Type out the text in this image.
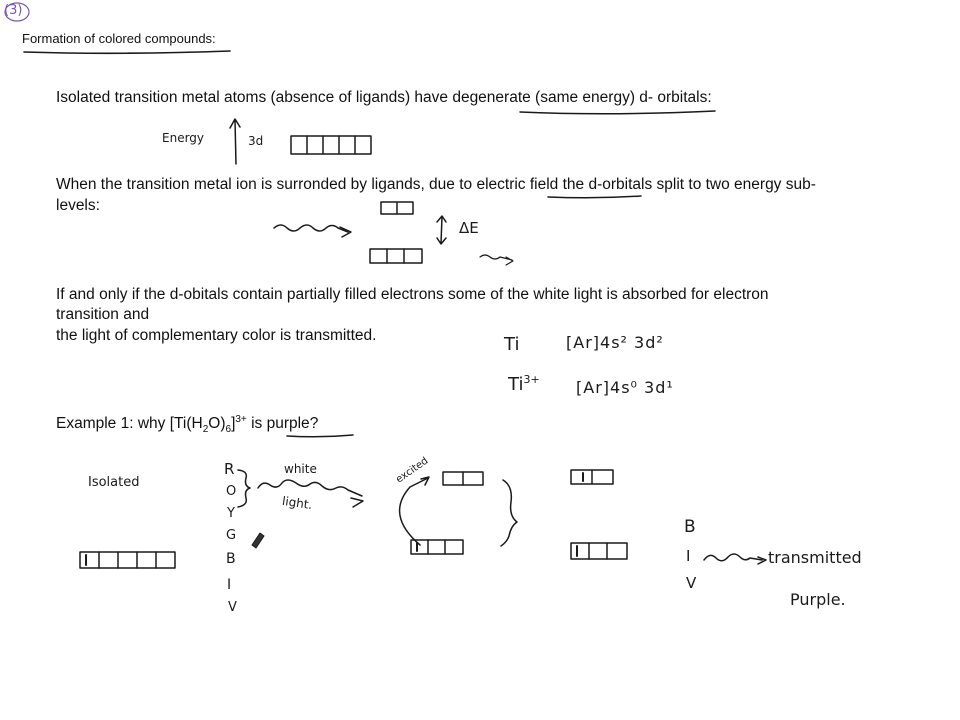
(3)
Formation of colored compounds:
Isolated transition metal atoms (absence of ligands) have degenerate (same energy) d- orbitals:
When the transition metal ion is surronded by ligands, due to electric field the d-orbitals split to two energy sub-
levels:
If and only if the d-obitals contain partially filled electrons some of the white light is absorbed for electron
transition and
the light of complementary color is transmitted.
Example 1: why $[Ti(H_2O)_6]^{3+}$ is purple?
Energy	3d
ΔE
Ti	[Ar]4s² 3d²
$Ti^{3+}$ [Ar]4s⁰ 3d¹
Isolated
white
light.
excited
transmitted
Purple.
R
O
Y
G
B
I
V
B
I
V
